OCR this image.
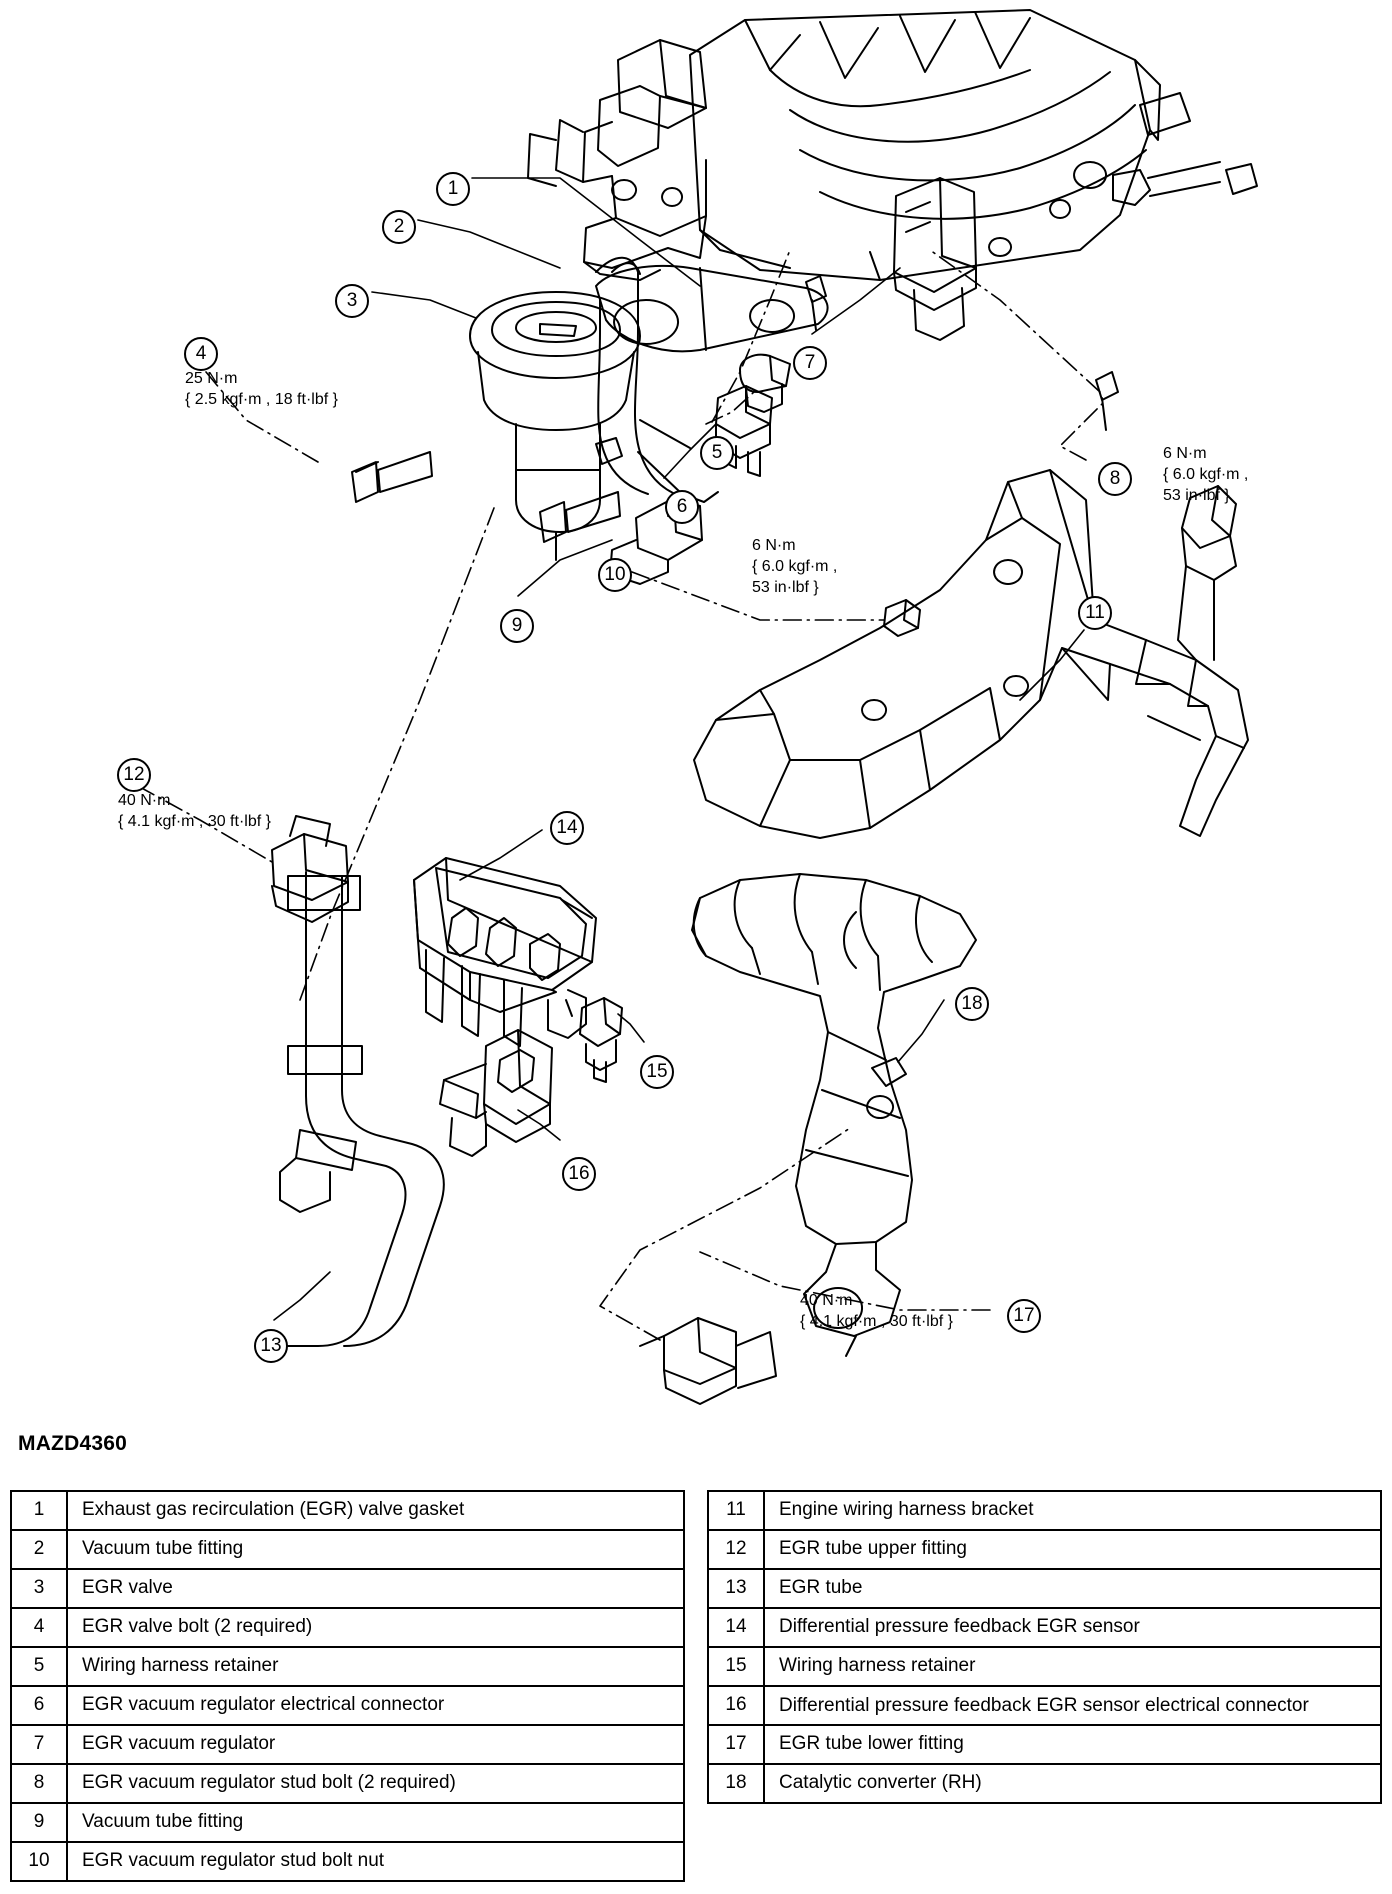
1
2
3
4
5
6
7
8
9
10
11
12
13
14
15
16
17
18
25 N·m
{ 2.5 kgf·m , 18 ft·lbf }
6 N·m
{ 6.0 kgf·m ,
53 in·lbf }
6 N·m
{ 6.0 kgf·m ,
53 in·lbf }
40 N·m
{ 4.1 kgf·m , 30 ft·lbf }
40 N·m
{ 4.1 kgf·m , 30 ft·lbf }
MAZD4360
1	Exhaust gas recirculation (EGR) valve gasket
2	Vacuum tube fitting
3	EGR valve
4	EGR valve bolt (2 required)
5	Wiring harness retainer
6	EGR vacuum regulator electrical connector
7	EGR vacuum regulator
8	EGR vacuum regulator stud bolt (2 required)
9	Vacuum tube fitting
10	EGR vacuum regulator stud bolt nut
11	Engine wiring harness bracket
12	EGR tube upper fitting
13	EGR tube
14	Differential pressure feedback EGR sensor
15	Wiring harness retainer
16	Differential pressure feedback EGR sensor electrical connector
17	EGR tube lower fitting
18	Catalytic converter (RH)
